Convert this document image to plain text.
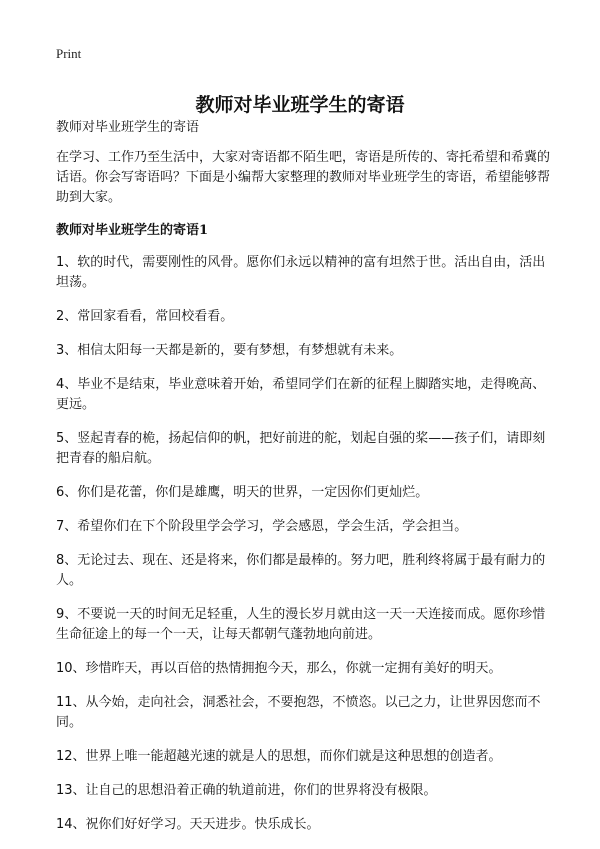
Print
教师对毕业班学生的寄语

教师对毕业班学生的寄语

在学习、工作乃至生活中，大家对寄语都不陌生吧，寄语是所传的、寄托希望和希冀的话语。你会写寄语吗？下面是小编帮大家整理的教师对毕业班学生的寄语，希望能够帮助到大家。

教师对毕业班学生的寄语1

1、软的时代，需要刚性的风骨。愿你们永远以精神的富有坦然于世。活出自由，活出坦荡。

2、常回家看看，常回校看看。

3、相信太阳每一天都是新的，要有梦想，有梦想就有未来。

4、毕业不是结束，毕业意味着开始，希望同学们在新的征程上脚踏实地，走得晚高、更远。

5、竖起青春的桅，扬起信仰的帆，把好前进的舵，划起自强的桨——孩子们，请即刻把青春的船启航。

6、你们是花蕾，你们是雄鹰，明天的世界，一定因你们更灿烂。

7、希望你们在下个阶段里学会学习，学会感恩，学会生活，学会担当。

8、无论过去、现在、还是将来，你们都是最棒的。努力吧，胜利终将属于最有耐力的人。

9、不要说一天的时间无足轻重，人生的漫长岁月就由这一天一天连接而成。愿你珍惜生命征途上的每一个一天，让每天都朝气蓬勃地向前进。

10、珍惜昨天，再以百倍的热情拥抱今天，那么，你就一定拥有美好的明天。

11、从今始，走向社会，洞悉社会，不要抱怨，不愤恣。以己之力，让世界因您而不同。

12、世界上唯一能超越光速的就是人的思想，而你们就是这种思想的创造者。

13、让自己的思想沿着正确的轨道前进，你们的世界将没有极限。

14、祝你们好好学习。天天进步。快乐成长。
